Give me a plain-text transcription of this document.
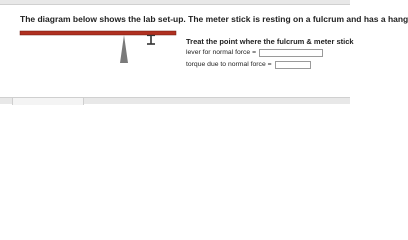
The diagram below shows the lab set-up. The meter stick is resting on a fulcrum and has a hang
Treat the point where the fulcrum & meter stick
lever for normal force =
torque due to normal force =
